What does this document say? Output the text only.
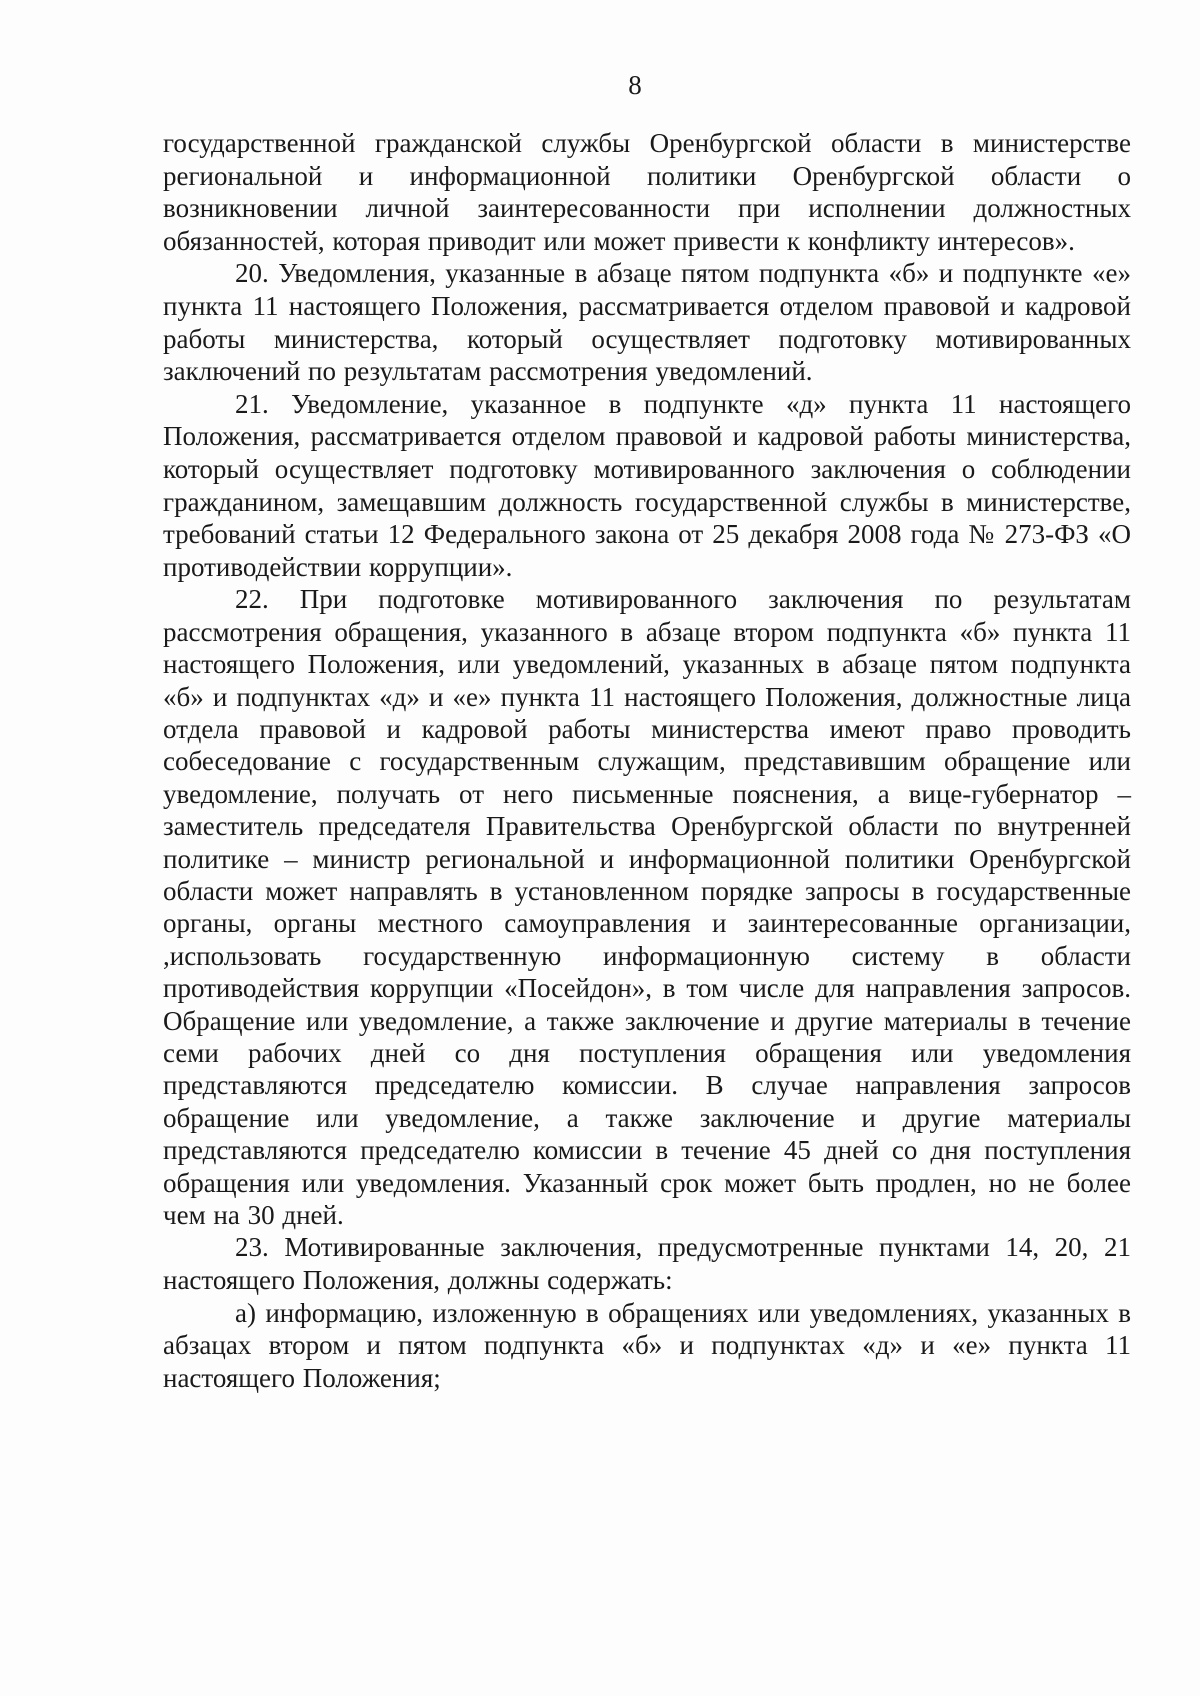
8

государственной гражданской службы Оренбургской области в министерстве региональной и информационной политики Оренбургской области о возникновении личной заинтересованности при исполнении должностных обязанностей, которая приводит или может привести к конфликту интересов».

20. Уведомления, указанные в абзаце пятом подпункта «б» и подпункте «е» пункта 11 настоящего Положения, рассматривается отделом правовой и кадровой работы министерства, который осуществляет подготовку мотивированных заключений по результатам рассмотрения уведомлений.

21. Уведомление, указанное в подпункте «д» пункта 11 настоящего Положения, рассматривается отделом правовой и кадровой работы министерства, который осуществляет подготовку мотивированного заключения о соблюдении гражданином, замещавшим должность государственной службы в министерстве, требований статьи 12 Федерального закона от 25 декабря 2008 года № 273-ФЗ «О противодействии коррупции».

22. При подготовке мотивированного заключения по результатам рассмотрения обращения, указанного в абзаце втором подпункта «б» пункта 11 настоящего Положения, или уведомлений, указанных в абзаце пятом подпункта «б» и подпунктах «д» и «е» пункта 11 настоящего Положения, должностные лица отдела правовой и кадровой работы министерства имеют право проводить собеседование с государственным служащим, представившим обращение или уведомление, получать от него письменные пояснения, а вице-губернатор – заместитель председателя Правительства Оренбургской области по внутренней политике – министр региональной и информационной политики Оренбургской области может направлять в установленном порядке запросы в государственные органы, органы местного самоуправления и заинтересованные организации, ,использовать государственную информационную систему в области противодействия коррупции «Посейдон», в том числе для направления запросов. Обращение или уведомление, а также заключение и другие материалы в течение семи рабочих дней со дня поступления обращения или уведомления представляются председателю комиссии. В случае направления запросов обращение или уведомление, а также заключение и другие материалы представляются председателю комиссии в течение 45 дней со дня поступления обращения или уведомления. Указанный срок может быть продлен, но не более чем на 30 дней.

23. Мотивированные заключения, предусмотренные пунктами 14, 20, 21 настоящего Положения, должны содержать:

а) информацию, изложенную в обращениях или уведомлениях, указанных в абзацах втором и пятом подпункта «б» и подпунктах «д» и «е» пункта 11 настоящего Положения;
